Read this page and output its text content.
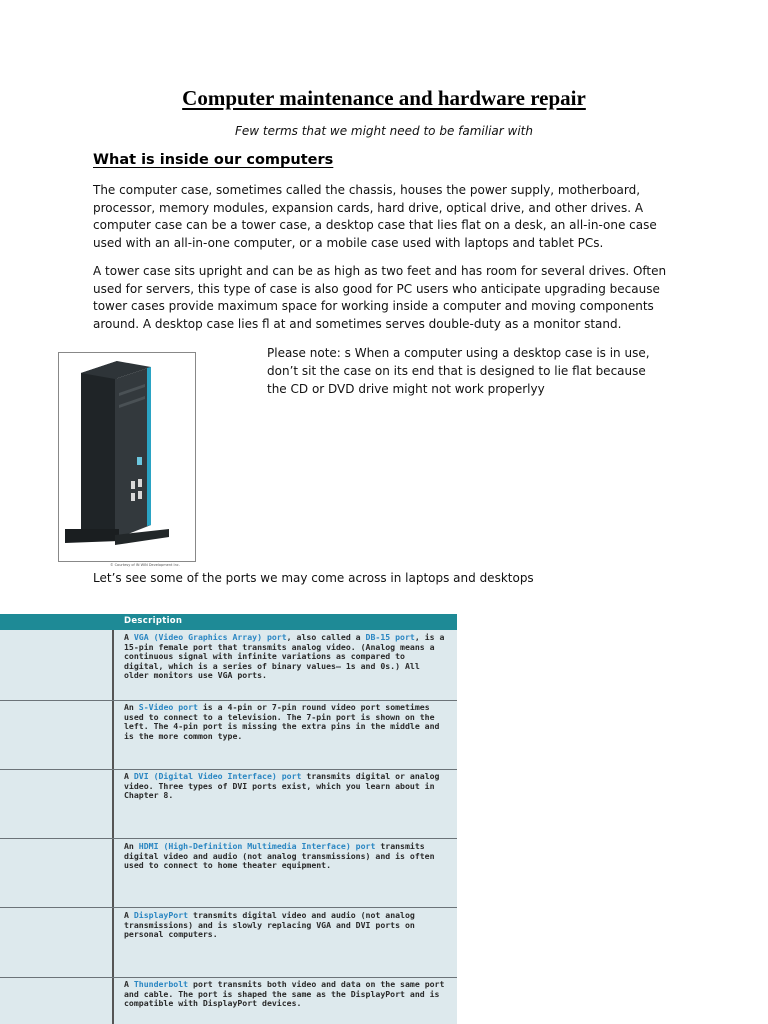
Computer maintenance and hardware repair
Few terms that we might need to be familiar with
What is inside our computers
The computer case, sometimes called the chassis, houses the power supply, motherboard, processor, memory modules, expansion cards, hard drive, optical drive, and other drives. A computer case can be a tower case, a desktop case that lies flat on a desk, an all-in-one case used with an all-in-one computer, or a mobile case used with laptops and tablet PCs.
A tower case sits upright and can be as high as two feet and has room for several drives. Often used for servers, this type of case is also good for PC users who anticipate upgrading because tower cases provide maximum space for working inside a computer and moving components around. A desktop case lies fl at and sometimes serves double-duty as a monitor stand.
© Courtesy of IN WIN Development Inc.
Please note: s When a computer using a desktop case is in use, don’t sit the case on its end that is designed to lie flat because the CD or DVD drive might not work properlyy
Let’s see some of the ports we may come across in laptops and desktops
Description
A VGA (Video Graphics Array) port, also called a DB-15 port, is a 15-pin female port that transmits analog video. (Analog means a continuous signal with infinite variations as compared to digital, which is a series of binary values— 1s and 0s.) All older monitors use VGA ports.
An S-Video port is a 4-pin or 7-pin round video port sometimes used to connect to a television. The 7-pin port is shown on the left. The 4-pin port is missing the extra pins in the middle and is the more common type.
A DVI (Digital Video Interface) port transmits digital or analog video. Three types of DVI ports exist, which you learn about in Chapter 8.
An HDMI (High-Definition Multimedia Interface) port transmits digital video and audio (not analog transmissions) and is often used to connect to home theater equipment.
A DisplayPort transmits digital video and audio (not analog transmissions) and is slowly replacing VGA and DVI ports on personal computers.
A Thunderbolt port transmits both video and data on the same port and cable. The port is shaped the same as the DisplayPort and is compatible with DisplayPort devices.
